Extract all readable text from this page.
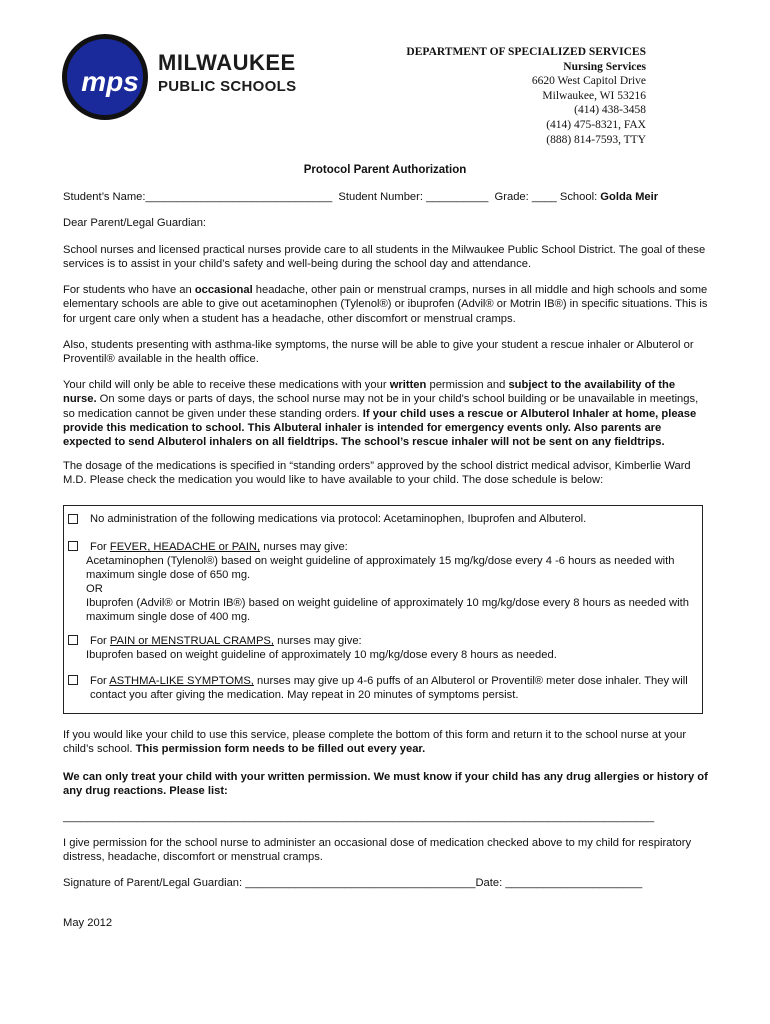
mps
MILWAUKEE
PUBLIC SCHOOLS
DEPARTMENT OF SPECIALIZED SERVICES
Nursing Services
6620 West Capitol Drive
Milwaukee, WI 53216
(414) 438-3458
(414) 475-8321, FAX
(888) 814-7593, TTY
Protocol Parent Authorization

Student’s Name:______________________________ Student Number: __________ Grade: ____ School: Golda Meir

Dear Parent/Legal Guardian:

School nurses and licensed practical nurses provide care to all students in the Milwaukee Public School District. The goal of these services is to assist in your child’s safety and well-being during the school day and attendance.

For students who have an occasional headache, other pain or menstrual cramps, nurses in all middle and high schools and some elementary schools are able to give out acetaminophen (Tylenol®) or ibuprofen (Advil® or Motrin IB®) in specific situations. This is for urgent care only when a student has a headache, other discomfort or menstrual cramps.

Also, students presenting with asthma-like symptoms, the nurse will be able to give your student a rescue inhaler or Albuterol or Proventil® available in the health office.

Your child will only be able to receive these medications with your written permission and subject to the availability of the nurse. On some days or parts of days, the school nurse may not be in your child's school building or be unavailable in meetings, so medication cannot be given under these standing orders. If your child uses a rescue or Albuterol Inhaler at home, please provide this medication to school. This Albuteral inhaler is intended for emergency events only. Also parents are expected to send Albuterol inhalers on all fieldtrips. The school’s rescue inhaler will not be sent on any fieldtrips.

The dosage of the medications is specified in “standing orders” approved by the school district medical advisor, Kimberlie Ward M.D. Please check the medication you would like to have available to your child. The dose schedule is below:

No administration of the following medications via protocol: Acetaminophen, Ibuprofen and Albuterol.
For FEVER, HEADACHE or PAIN, nurses may give:
Acetaminophen (Tylenol®) based on weight guideline of approximately 15 mg/kg/dose every 4 -6 hours as needed with maximum single dose of 650 mg.
OR
Ibuprofen (Advil® or Motrin IB®) based on weight guideline of approximately 10 mg/kg/dose every 8 hours as needed with maximum single dose of 400 mg.
For PAIN or MENSTRUAL CRAMPS, nurses may give:
Ibuprofen based on weight guideline of approximately 10 mg/kg/dose every 8 hours as needed.
For ASTHMA-LIKE SYMPTOMS, nurses may give up 4-6 puffs of an Albuterol or Proventil® meter dose inhaler. They will contact you after giving the medication. May repeat in 20 minutes of symptoms persist.

If you would like your child to use this service, please complete the bottom of this form and return it to the school nurse at your child’s school. This permission form needs to be filled out every year.

We can only treat your child with your written permission. We must know if your child has any drug allergies or history of any drug reactions. Please list:

_______________________________________________________________________________________________

I give permission for the school nurse to administer an occasional dose of medication checked above to my child for respiratory distress, headache, discomfort or menstrual cramps.

Signature of Parent/Legal Guardian: _____________________________________Date: ______________________

May 2012
